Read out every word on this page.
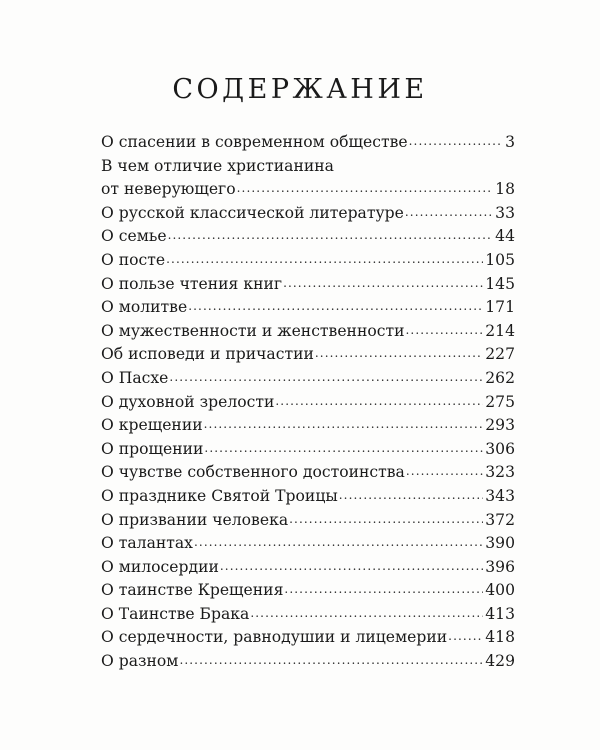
СОДЕРЖАНИЕ
О спасении в современном обществе .....	3
В чем отличие христианина
от неверующего .....	18
О русской классической литературе .....	33
О семье .....	44
О посте .....	105
О пользе чтения книг .....	145
О молитве .....	171
О мужественности и женственности .....	214
Об исповеди и причастии .....	227
О Пасхе .....	262
О духовной зрелости .....	275
О крещении .....	293
О прощении .....	306
О чувстве собственного достоинства .....	323
О празднике Святой Троицы .....	343
О призвании человека .....	372
О талантах .....	390
О милосердии .....	396
О таинстве Крещения .....	400
О Таинстве Брака .....	413
О сердечности, равнодушии и лицемерии ..... 418
О разном .....	429
